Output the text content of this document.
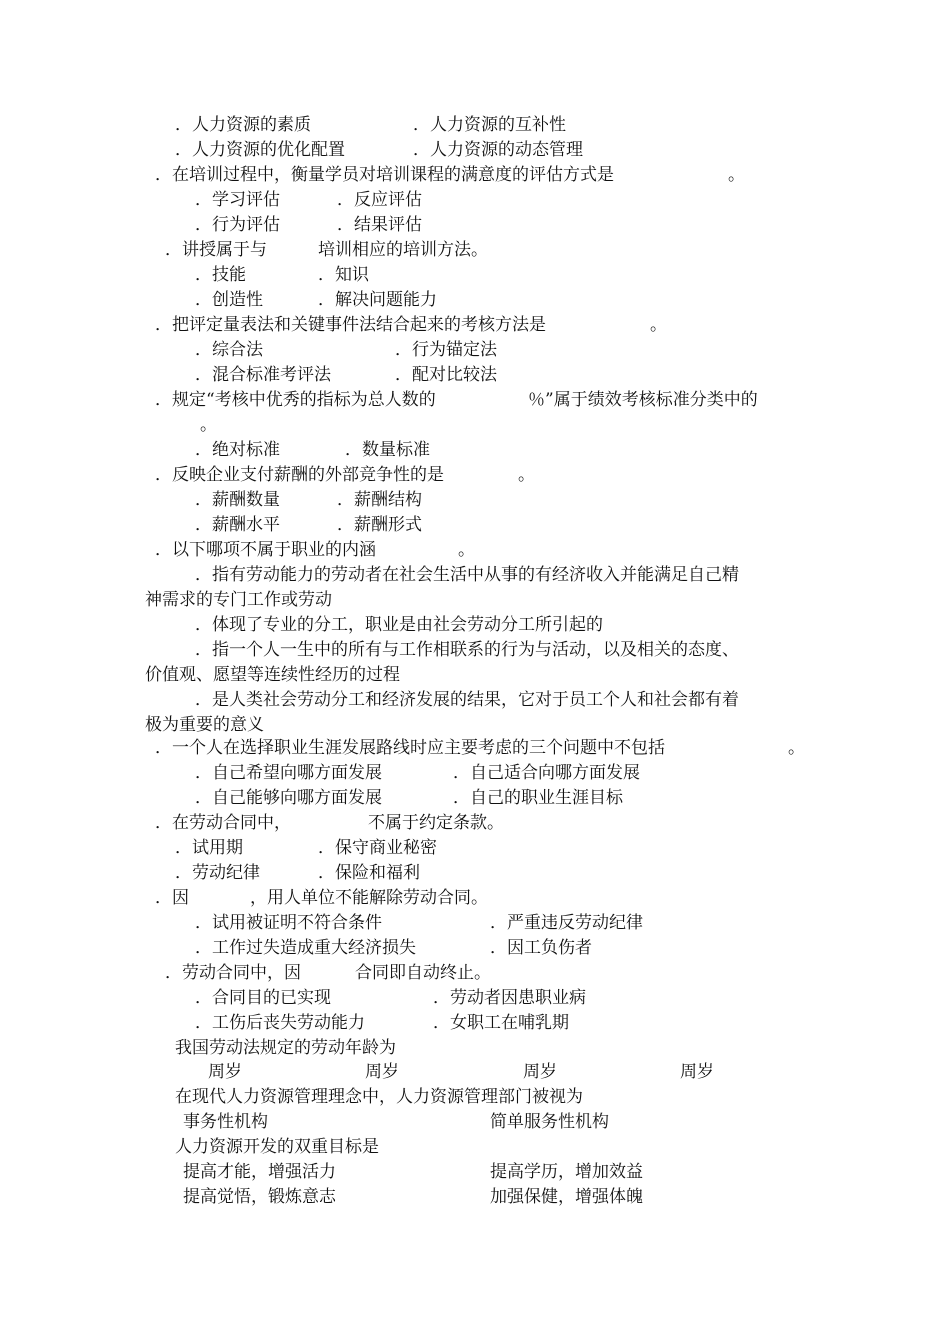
．人力资源的素质	．人力资源的互补性
．人力资源的优化配置	．人力资源的动态管理
．在培训过程中，衡量学员对培训课程的满意度的评估方式是	。
．学习评估	．反应评估
．行为评估	．结果评估
．讲授属于与	培训相应的培训方法。
．技能	．知识
．创造性	．解决问题能力
．把评定量表法和关键事件法结合起来的考核方法是	。
．综合法	．行为锚定法
．混合标准考评法	．配对比较法
．规定“考核中优秀的指标为总人数的	％”属于绩效考核标准分类中的
。
．绝对标准	．数量标准
．反映企业支付薪酬的外部竞争性的是	。
．薪酬数量	．薪酬结构
．薪酬水平	．薪酬形式
．以下哪项不属于职业的内涵	。
．指有劳动能力的劳动者在社会生活中从事的有经济收入并能满足自己精
神需求的专门工作或劳动
．体现了专业的分工，职业是由社会劳动分工所引起的
．指一个人一生中的所有与工作相联系的行为与活动，以及相关的态度、
价值观、愿望等连续性经历的过程
．是人类社会劳动分工和经济发展的结果，它对于员工个人和社会都有着
极为重要的意义
．一个人在选择职业生涯发展路线时应主要考虑的三个问题中不包括	。
．自己希望向哪方面发展	．自己适合向哪方面发展
．自己能够向哪方面发展	．自己的职业生涯目标
．在劳动合同中，	不属于约定条款。
．试用期	．保守商业秘密
．劳动纪律	．保险和福利
．因	，用人单位不能解除劳动合同。
．试用被证明不符合条件	．严重违反劳动纪律
．工作过失造成重大经济损失	．因工负伤者
．劳动合同中，因	合同即自动终止。
．合同目的已实现	．劳动者因患职业病
．工伤后丧失劳动能力	．女职工在哺乳期
我国劳动法规定的劳动年龄为
周岁	周岁	周岁	周岁
在现代人力资源管理理念中，人力资源管理部门被视为
事务性机构	简单服务性机构
人力资源开发的双重目标是
提高才能，增强活力	提高学历，增加效益
提高觉悟，锻炼意志	加强保健，增强体魄
